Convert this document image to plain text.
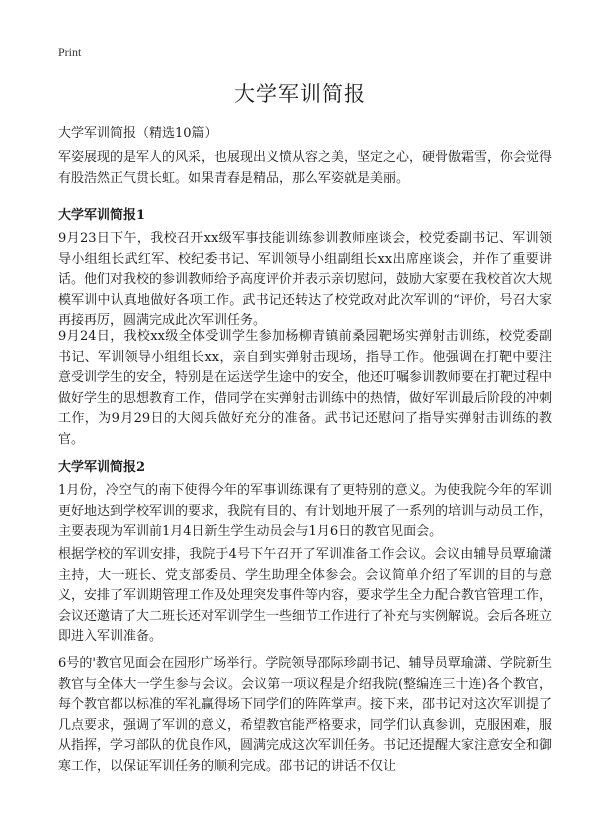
Print
大学军训简报
大学军训简报（精选10篇）

军姿展现的是军人的风采，也展现出义愤从容之美，坚定之心，硬骨傲霜雪，你会觉得有股浩然正气贯长虹。如果青春是精品，那么军姿就是美丽。

大学军训简报1

9月23日下午，我校召开xx级军事技能训练参训教师座谈会，校党委副书记、军训领导小组组长武红军、校纪委书记、军训领导小组副组长xx出席座谈会，并作了重要讲话。他们对我校的参训教师给予高度评价并表示亲切慰问，鼓励大家要在我校首次大规模军训中认真地做好各项工作。武书记还转达了校党政对此次军训的“评价，号召大家再接再厉，圆满完成此次军训任务。

9月24日，我校xx级全体受训学生参加杨柳青镇前桑园靶场实弹射击训练，校党委副书记、军训领导小组组长xx，亲自到实弹射击现场，指导工作。他强调在打靶中要注意受训学生的安全，特别是在运送学生途中的安全，他还叮嘱参训教师要在打靶过程中做好学生的思想教育工作，借同学在实弹射击训练中的热情，做好军训最后阶段的冲刺工作，为9月29日的大阅兵做好充分的准备。武书记还慰问了指导实弹射击训练的教官。

大学军训简报2

1月份，冷空气的南下使得今年的军事训练课有了更特别的意义。为使我院今年的军训更好地达到学校军训的要求，我院有目的、有计划地开展了一系列的培训与动员工作，主要表现为军训前1月4日新生学生动员会与1月6日的教官见面会。

根据学校的军训安排，我院于4号下午召开了军训准备工作会议。会议由辅导员覃瑜潇主持，大一班长、党支部委员、学生助理全体参会。会议简单介绍了军训的目的与意义，安排了军训期管理工作及处理突发事件等内容，要求学生全力配合教官管理工作，会议还邀请了大二班长还对军训学生一些细节工作进行了补充与实例解说。会后各班立即进入军训准备。

6号的'教官见面会在园形广场举行。学院领导邵际珍副书记、辅导员覃瑜潇、学院新生教官与全体大一学生参与会议。会议第一项议程是介绍我院(整编连三十连)各个教官，每个教官都以标准的军礼赢得场下同学们的阵阵掌声。接下来，邵书记对这次军训提了几点要求，强调了军训的意义，希望教官能严格要求，同学们认真参训，克服困难，服从指挥，学习部队的优良作风，圆满完成这次军训任务。书记还提醒大家注意安全和御寒工作，以保证军训任务的顺利完成。邵书记的讲话不仅让
